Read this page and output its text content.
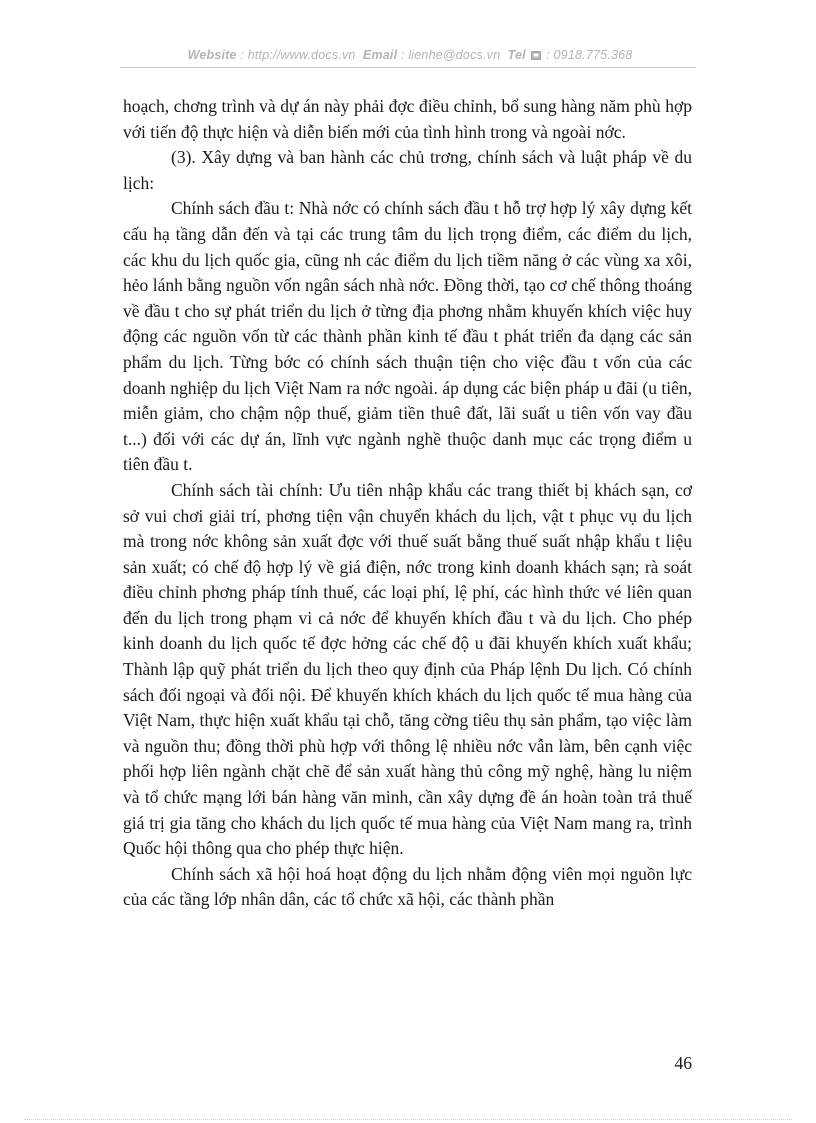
Website : http://www.docs.vn Email : lienhe@docs.vn Tel : 0918.775.368

hoạch, chơng trình và dự án này phải đợc điều chỉnh, bổ sung hàng năm phù hợp với tiến độ thực hiện và diễn biến mới của tình hình trong và ngoài nớc.

(3). Xây dựng và ban hành các chủ trơng, chính sách và luật pháp về du lịch:

Chính sách đầu t: Nhà nớc có chính sách đầu t hỗ trợ hợp lý xây dựng kết cấu hạ tầng dẫn đến và tại các trung tâm du lịch trọng điểm, các điểm du lịch, các khu du lịch quốc gia, cũng nh các điểm du lịch tiềm năng ở các vùng xa xôi, hẻo lánh bằng nguồn vốn ngân sách nhà nớc. Đồng thời, tạo cơ chế thông thoáng về đầu t cho sự phát triển du lịch ở từng địa phơng nhằm khuyến khích việc huy động các nguồn vốn từ các thành phần kinh tế đầu t phát triển đa dạng các sản phẩm du lịch. Từng bớc có chính sách thuận tiện cho việc đầu t vốn của các doanh nghiệp du lịch Việt Nam ra nớc ngoài. áp dụng các biện pháp u đãi (u tiên, miễn giảm, cho chậm nộp thuế, giảm tiền thuê đất, lãi suất u tiên vốn vay đầu t...) đối với các dự án, lĩnh vực ngành nghề thuộc danh mục các trọng điểm u tiên đầu t.

Chính sách tài chính: Ưu tiên nhập khẩu các trang thiết bị khách sạn, cơ sở vui chơi giải trí, phơng tiện vận chuyển khách du lịch, vật t phục vụ du lịch mà trong nớc không sản xuất đợc với thuế suất bằng thuế suất nhập khẩu t liệu sản xuất; có chế độ hợp lý về giá điện, nớc trong kinh doanh khách sạn; rà soát điều chỉnh phơng pháp tính thuế, các loại phí, lệ phí, các hình thức vé liên quan đến du lịch trong phạm vi cả nớc để khuyến khích đầu t và du lịch. Cho phép kinh doanh du lịch quốc tế đợc hởng các chế độ u đãi khuyến khích xuất khẩu; Thành lập quỹ phát triển du lịch theo quy định của Pháp lệnh Du lịch. Có chính sách đối ngoại và đối nội. Để khuyến khích khách du lịch quốc tế mua hàng của Việt Nam, thực hiện xuất khẩu tại chỗ, tăng cờng tiêu thụ sản phẩm, tạo việc làm và nguồn thu; đồng thời phù hợp với thông lệ nhiều nớc vẫn làm, bên cạnh việc phối hợp liên ngành chặt chẽ để sản xuất hàng thủ công mỹ nghệ, hàng lu niệm và tổ chức mạng lới bán hàng văn minh, cần xây dựng đề án hoàn toàn trả thuế giá trị gia tăng cho khách du lịch quốc tế mua hàng của Việt Nam mang ra, trình Quốc hội thông qua cho phép thực hiện.

Chính sách xã hội hoá hoạt động du lịch nhằm động viên mọi nguồn lực của các tầng lớp nhân dân, các tổ chức xã hội, các thành phần

46
